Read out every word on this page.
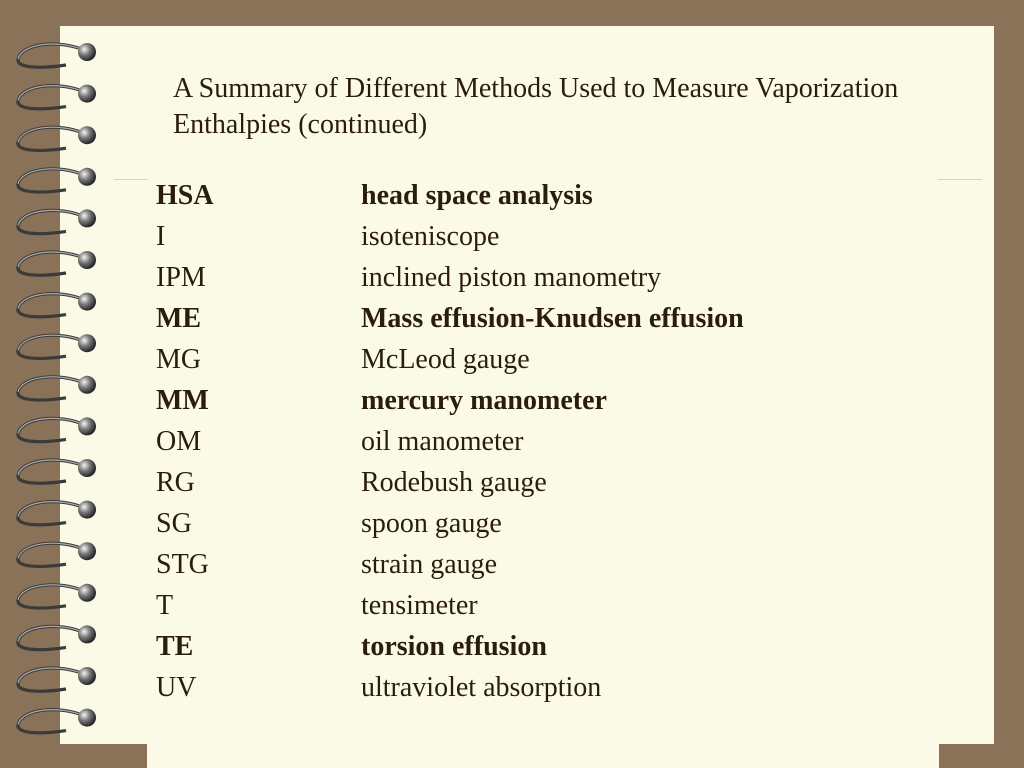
A Summary of Different Methods Used to Measure Vaporization Enthalpies (continued)
HSA	head space analysis
I	isoteniscope
IPM	inclined piston manometry
ME	Mass effusion-Knudsen effusion
MG	McLeod gauge
MM	mercury manometer
OM	oil manometer
RG	Rodebush gauge
SG	spoon gauge
STG	strain gauge
T	tensimeter
TE	torsion effusion
UV	ultraviolet absorption
